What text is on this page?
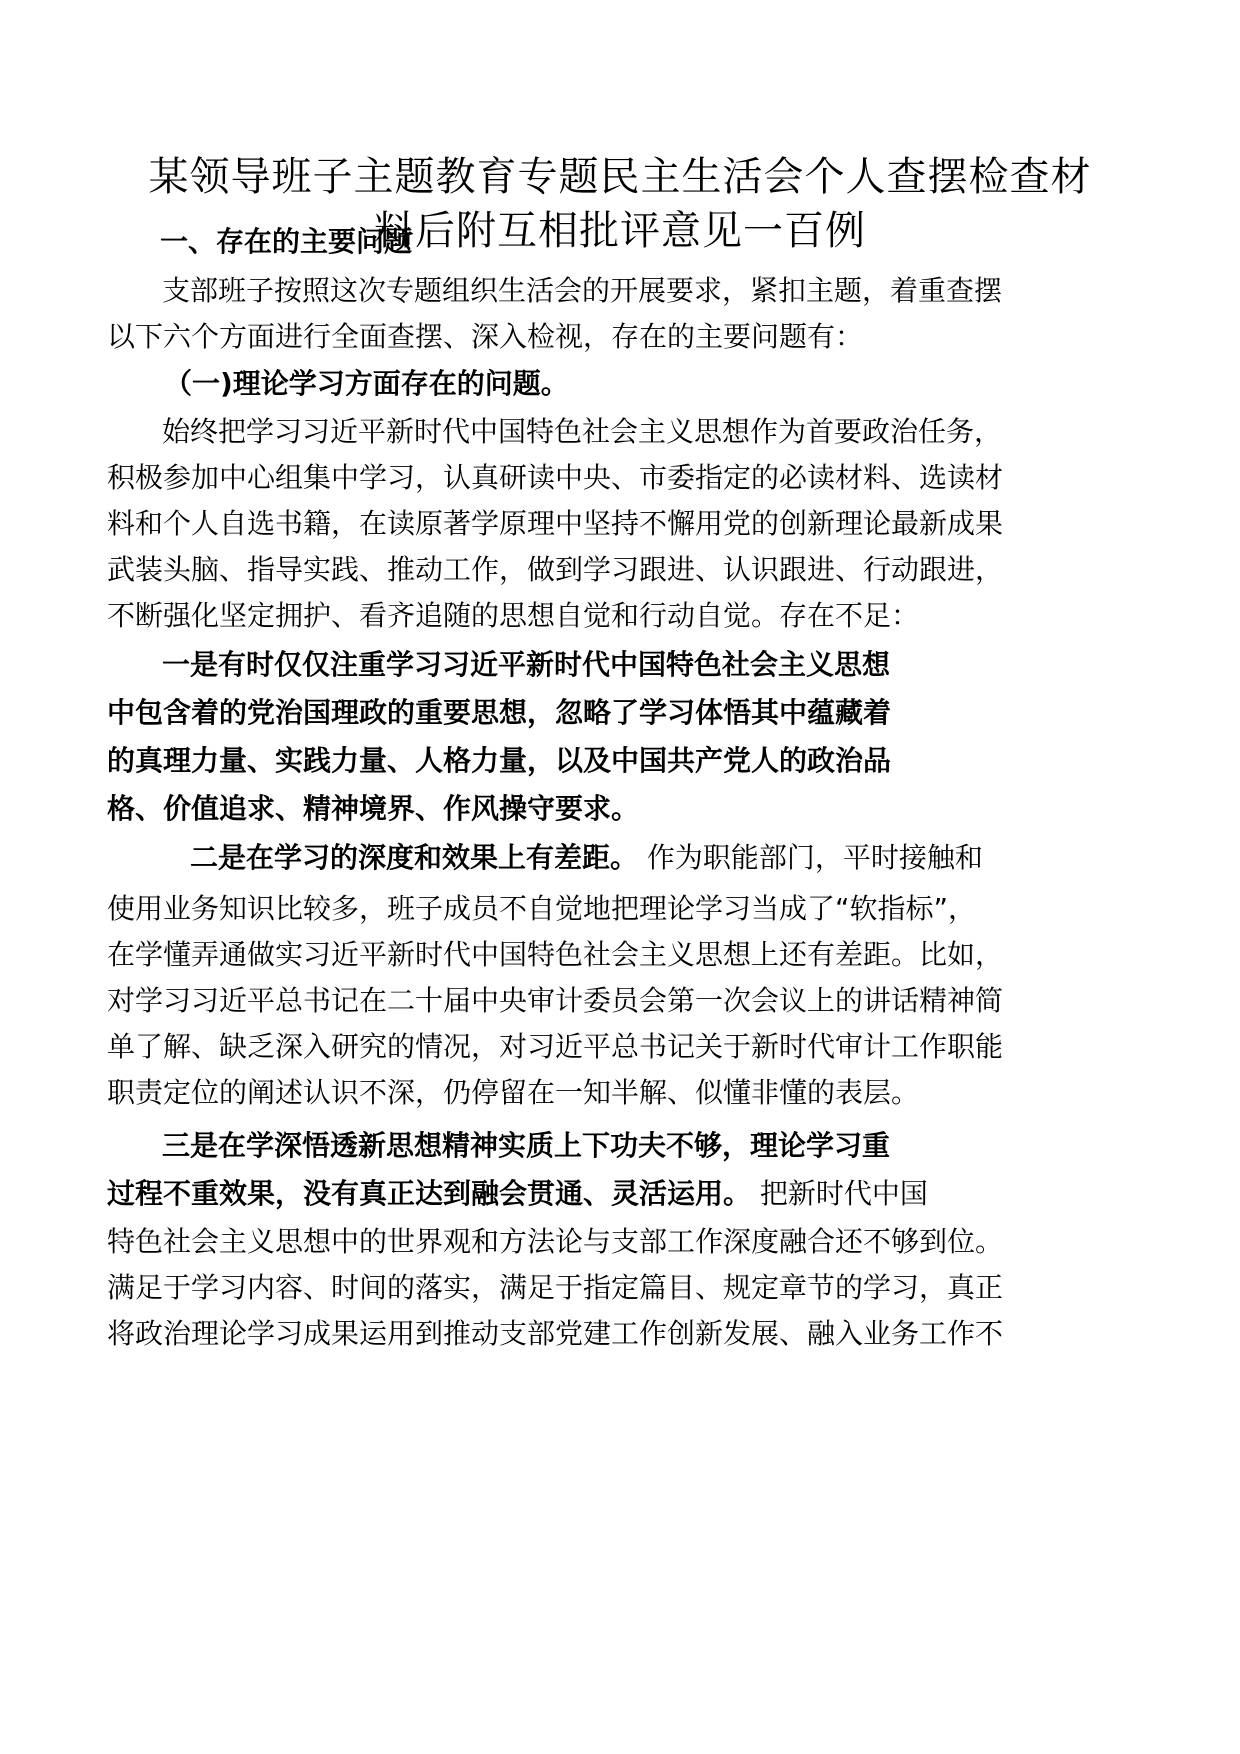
某领导班子主题教育专题民主生活会个人查摆检查材
料后附互相批评意见一百例

一、存在的主要问题

支部班子按照这次专题组织生活会的开展要求，紧扣主题，着重查摆

以下六个方面进行全面查摆、深入检视，存在的主要问题有：

（一)理论学习方面存在的问题。

始终把学习习近平新时代中国特色社会主义思想作为首要政治任务，

积极参加中心组集中学习，认真研读中央、市委指定的必读材料、选读材

料和个人自选书籍，在读原著学原理中坚持不懈用党的创新理论最新成果

武装头脑、指导实践、推动工作，做到学习跟进、认识跟进、行动跟进，

不断强化坚定拥护、看齐追随的思想自觉和行动自觉。存在不足：

一是有时仅仅注重学习习近平新时代中国特色社会主义思想

中包含着的党治国理政的重要思想，忽略了学习体悟其中蕴藏着

的真理力量、实践力量、人格力量，以及中国共产党人的政治品

格、价值追求、精神境界、作风操守要求。

二是在学习的深度和效果上有差距。 作为职能部门，平时接触和

使用业务知识比较多，班子成员不自觉地把理论学习当成了“软指标”，

在学懂弄通做实习近平新时代中国特色社会主义思想上还有差距。比如，

对学习习近平总书记在二十届中央审计委员会第一次会议上的讲话精神简

单了解、缺乏深入研究的情况，对习近平总书记关于新时代审计工作职能

职责定位的阐述认识不深，仍停留在一知半解、似懂非懂的表层。

三是在学深悟透新思想精神实质上下功夫不够，理论学习重

过程不重效果，没有真正达到融会贯通、灵活运用。 把新时代中国

特色社会主义思想中的世界观和方法论与支部工作深度融合还不够到位。

满足于学习内容、时间的落实，满足于指定篇目、规定章节的学习，真正

将政治理论学习成果运用到推动支部党建工作创新发展、融入业务工作不
